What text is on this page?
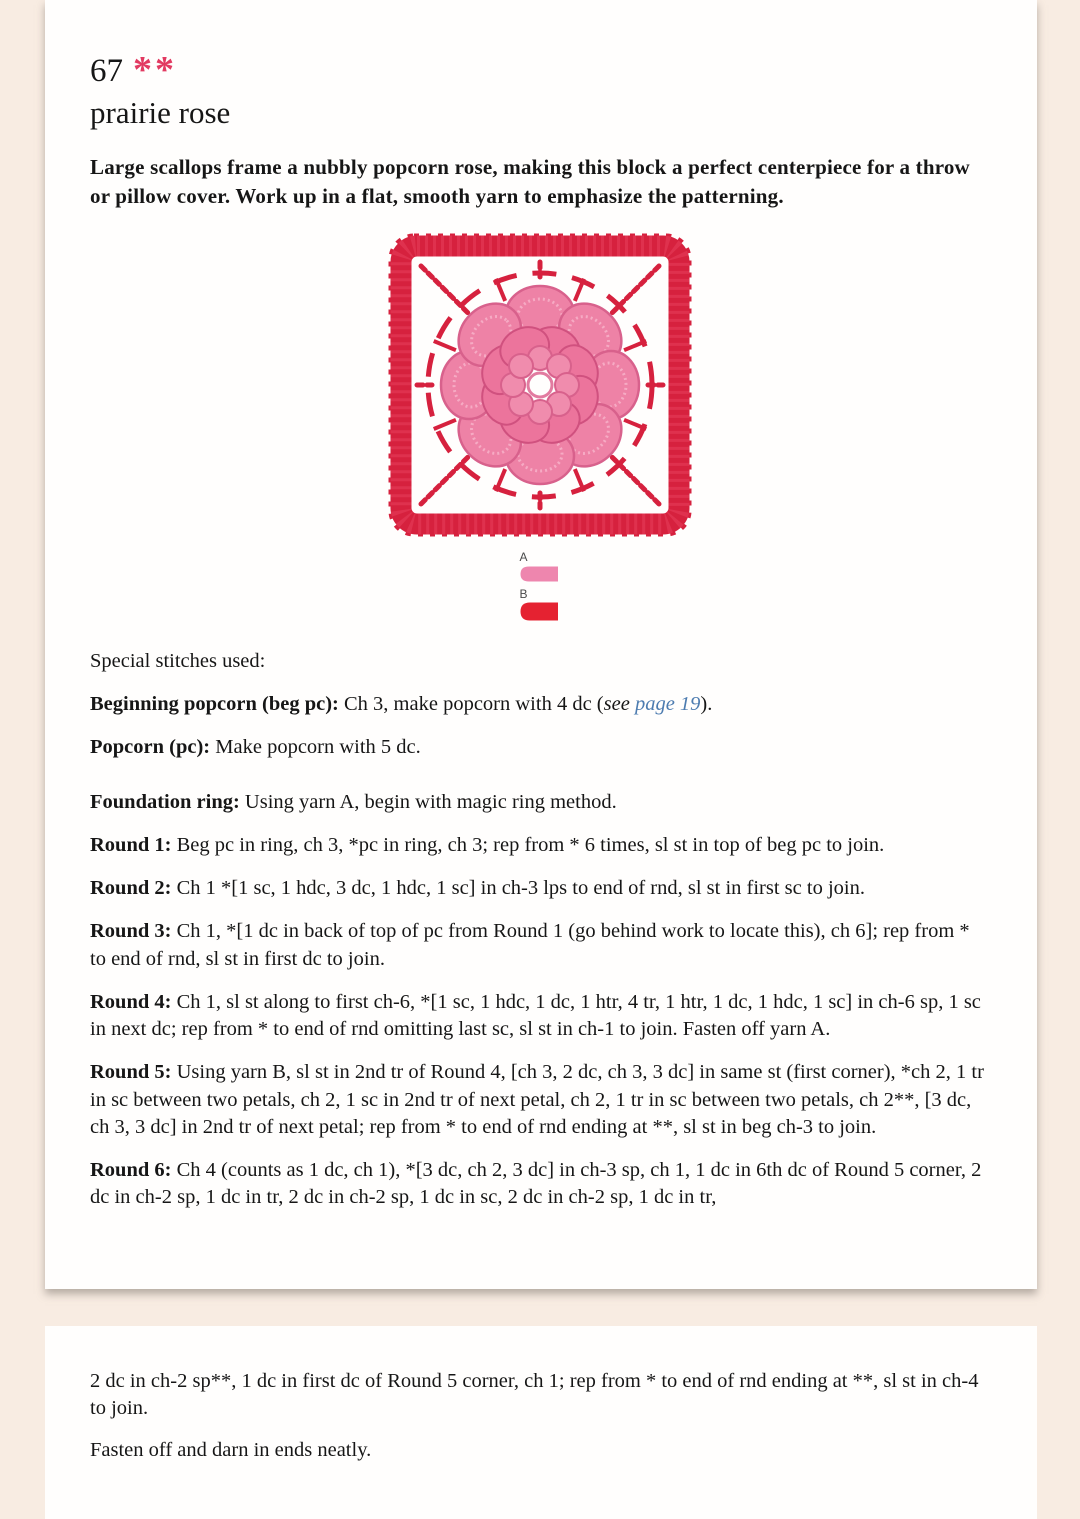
67 **
prairie rose
Large scallops frame a nubbly popcorn rose, making this block a perfect centerpiece for a throw or pillow cover. Work up in a flat, smooth yarn to emphasize the patterning.
A
B
Special stitches used:
Beginning popcorn (beg pc): Ch 3, make popcorn with 4 dc (see page 19).
Popcorn (pc): Make popcorn with 5 dc.
Foundation ring: Using yarn A, begin with magic ring method.
Round 1: Beg pc in ring, ch 3, *pc in ring, ch 3; rep from * 6 times, sl st in top of beg pc to join.
Round 2: Ch 1 *[1 sc, 1 hdc, 3 dc, 1 hdc, 1 sc] in ch-3 lps to end of rnd, sl st in first sc to join.
Round 3: Ch 1, *[1 dc in back of top of pc from Round 1 (go behind work to locate this), ch 6]; rep from * to end of rnd, sl st in first dc to join.
Round 4: Ch 1, sl st along to first ch-6, *[1 sc, 1 hdc, 1 dc, 1 htr, 4 tr, 1 htr, 1 dc, 1 hdc, 1 sc] in ch-6 sp, 1 sc in next dc; rep from * to end of rnd omitting last sc, sl st in ch-1 to join. Fasten off yarn A.
Round 5: Using yarn B, sl st in 2nd tr of Round 4, [ch 3, 2 dc, ch 3, 3 dc] in same st (first corner), *ch 2, 1 tr in sc between two petals, ch 2, 1 sc in 2nd tr of next petal, ch 2, 1 tr in sc between two petals, ch 2**, [3 dc, ch 3, 3 dc] in 2nd tr of next petal; rep from * to end of rnd ending at **, sl st in beg ch-3 to join.
Round 6: Ch 4 (counts as 1 dc, ch 1), *[3 dc, ch 2, 3 dc] in ch-3 sp, ch 1, 1 dc in 6th dc of Round 5 corner, 2 dc in ch-2 sp, 1 dc in tr, 2 dc in ch-2 sp, 1 dc in sc, 2 dc in ch-2 sp, 1 dc in tr,
2 dc in ch-2 sp**, 1 dc in first dc of Round 5 corner, ch 1; rep from * to end of rnd ending at **, sl st in ch-4 to join.
Fasten off and darn in ends neatly.
